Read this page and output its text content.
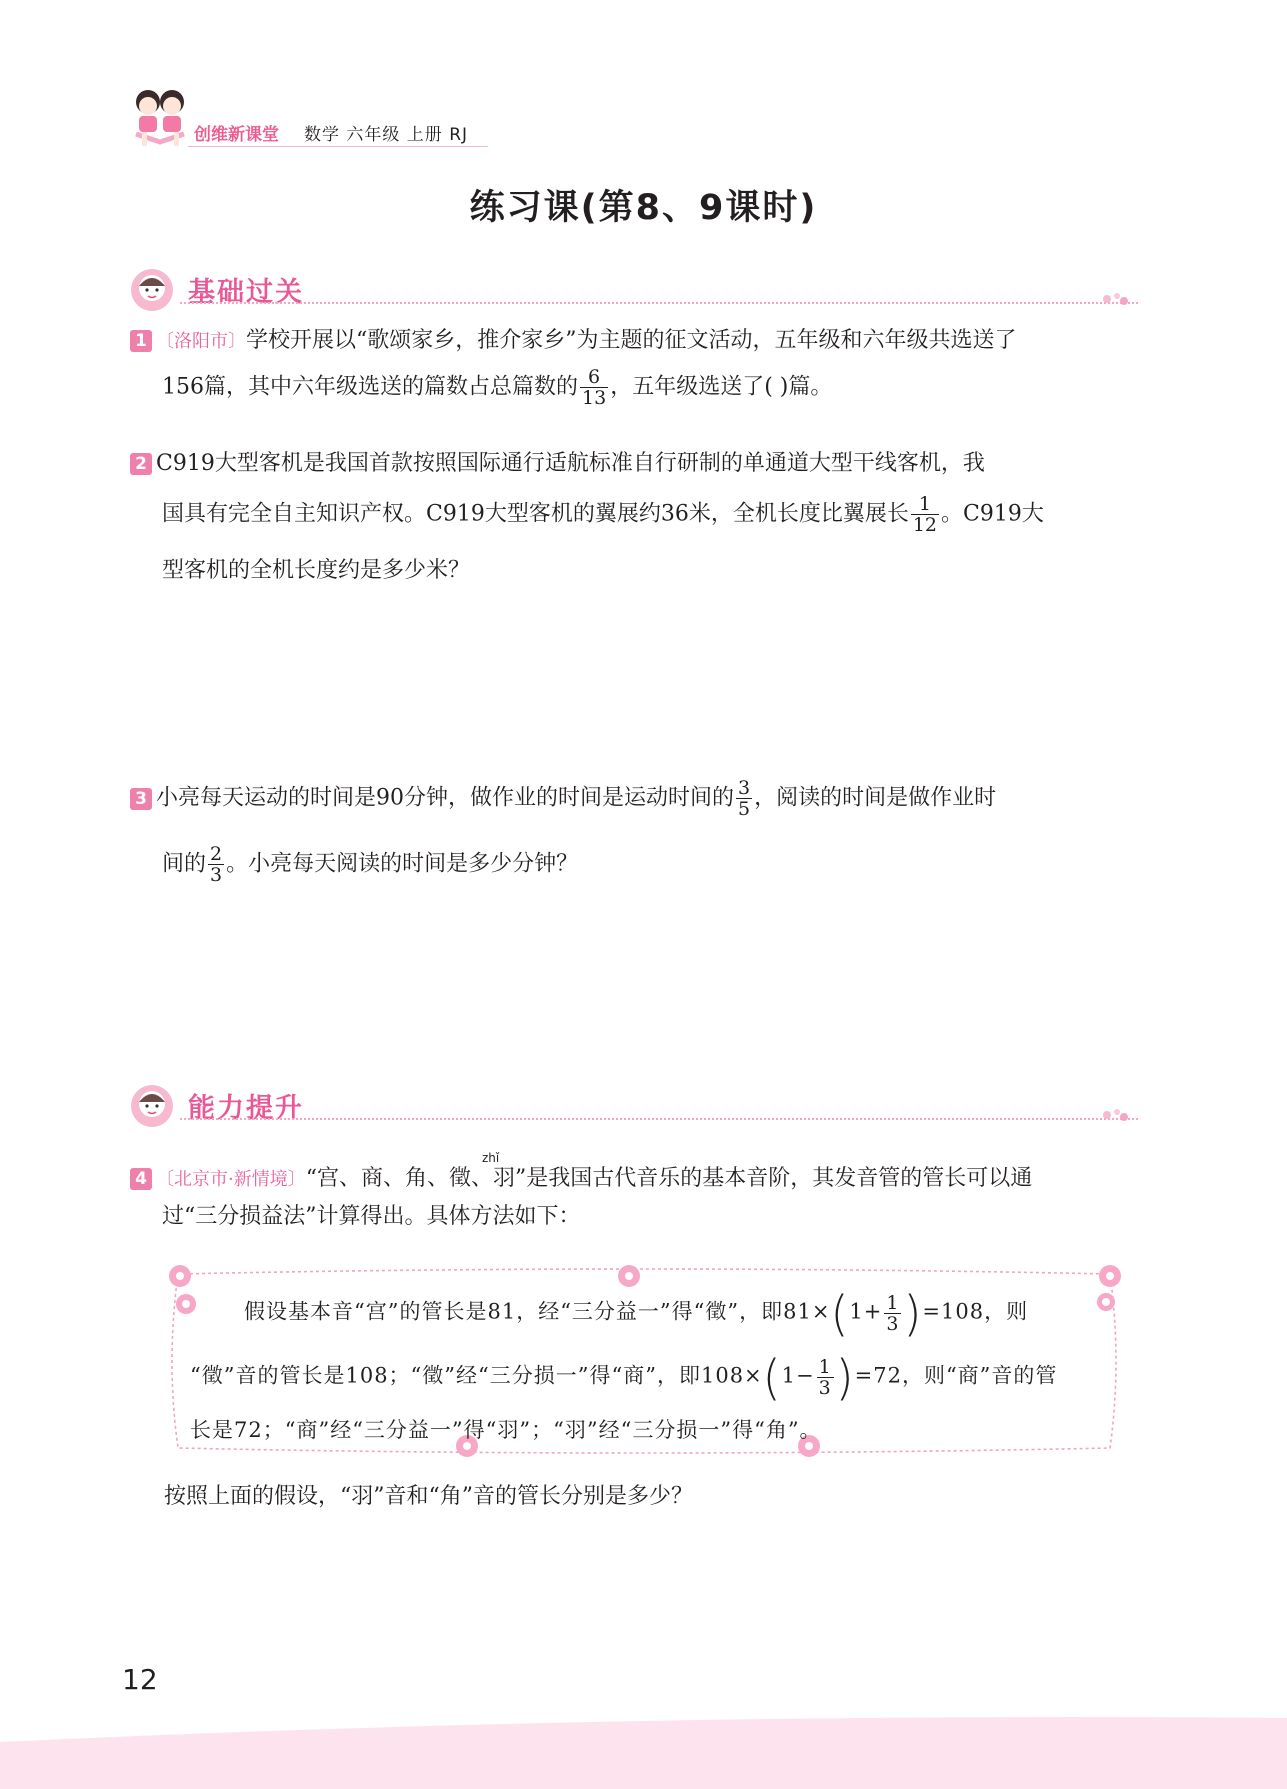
创维新课堂 数学 六年级 上册 RJ
练习课(第8、9课时)
基础过关
1 〔洛阳市〕学校开展以“歌颂家乡，推介家乡”为主题的征文活动，五年级和六年级共选送了
156篇，其中六年级选送的篇数占总篇数的 $\frac{6}{13}$ ，五年级选送了( )篇。
2 C919大型客机是我国首款按照国际通行适航标准自行研制的单通道大型干线客机，我
国具有完全自主知识产权。C919大型客机的翼展约36米，全机长度比翼展长 $\frac{1}{12}$ 。C919大
型客机的全机长度约是多少米？
3 小亮每天运动的时间是90分钟，做作业的时间是运动时间的 $\frac{3}{5}$ ，阅读的时间是做作业时
间的 $\frac{2}{3}$ 。小亮每天阅读的时间是多少分钟？
能力提升
zhǐ
4 〔北京市·新情境〕“宫、商、角、徵、羽”是我国古代音乐的基本音阶，其发音管的管长可以通
过“三分损益法”计算得出。具体方法如下：
假设基本音“宫”的管长是81，经“三分益一”得“徵”，即$81\times(1+ \frac{1}{3} )=108$，则
“徵”音的管长是108；“徵”经“三分损一”得“商”，即$108\times(1- \frac{1}{3} )=72$，则“商”音的管
长是72；“商”经“三分益一”得“羽”；“羽”经“三分损一”得“角”。
按照上面的假设，“羽”音和“角”音的管长分别是多少？
12
